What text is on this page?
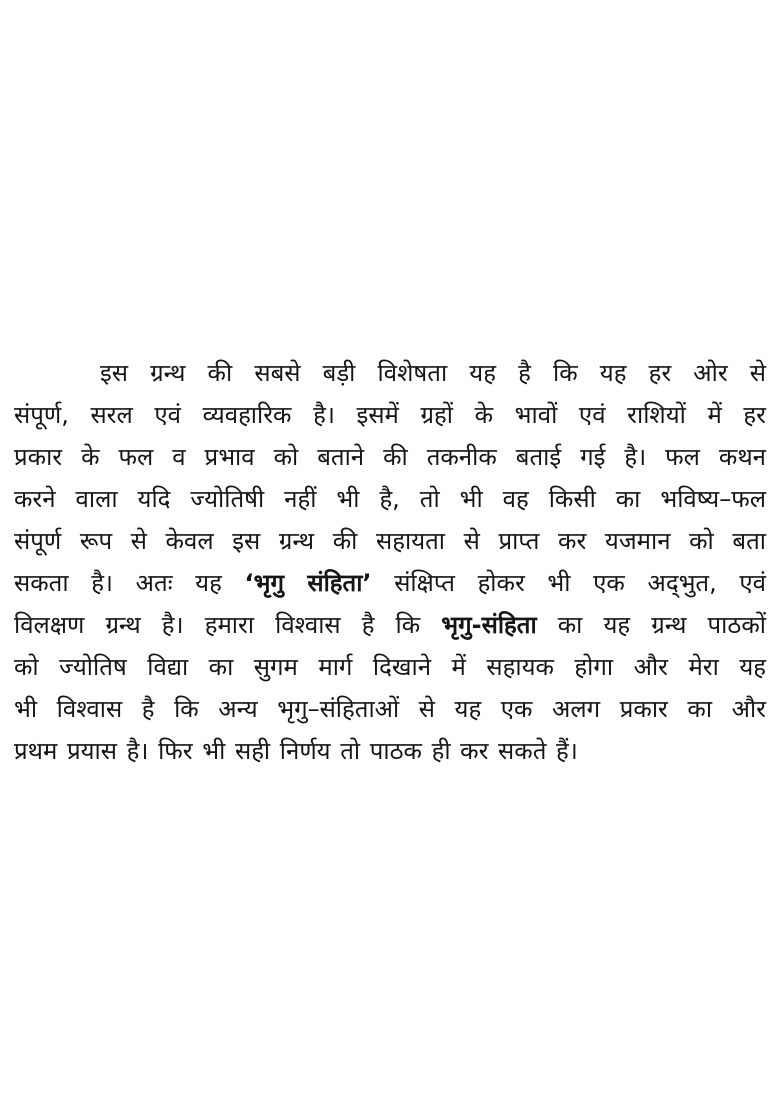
इस ग्रन्थ की सबसे बड़ी विशेषता यह है कि यह हर ओर से
संपूर्ण, सरल एवं व्यवहारिक है। इसमें ग्रहों के भावों एवं राशियों में हर
प्रकार के फल व प्रभाव को बताने की तकनीक बताई गई है। फल कथन
करने वाला यदि ज्योतिषी नहीं भी है, तो भी वह किसी का भविष्य–फल
संपूर्ण रूप से केवल इस ग्रन्थ की सहायता से प्राप्त कर यजमान को बता
सकता है। अतः यह ‘भृगु संहिता’ संक्षिप्त होकर भी एक अद्‌भुत, एवं
विलक्षण ग्रन्थ है। हमारा विश्वास है कि भृगु-संहिता का यह ग्रन्थ पाठकों
को ज्योतिष विद्या का सुगम मार्ग दिखाने में सहायक होगा और मेरा यह
भी विश्वास है कि अन्य भृगु–संहिताओं से यह एक अलग प्रकार का और
प्रथम प्रयास है। फिर भी सही निर्णय तो पाठक ही कर सकते हैं।
